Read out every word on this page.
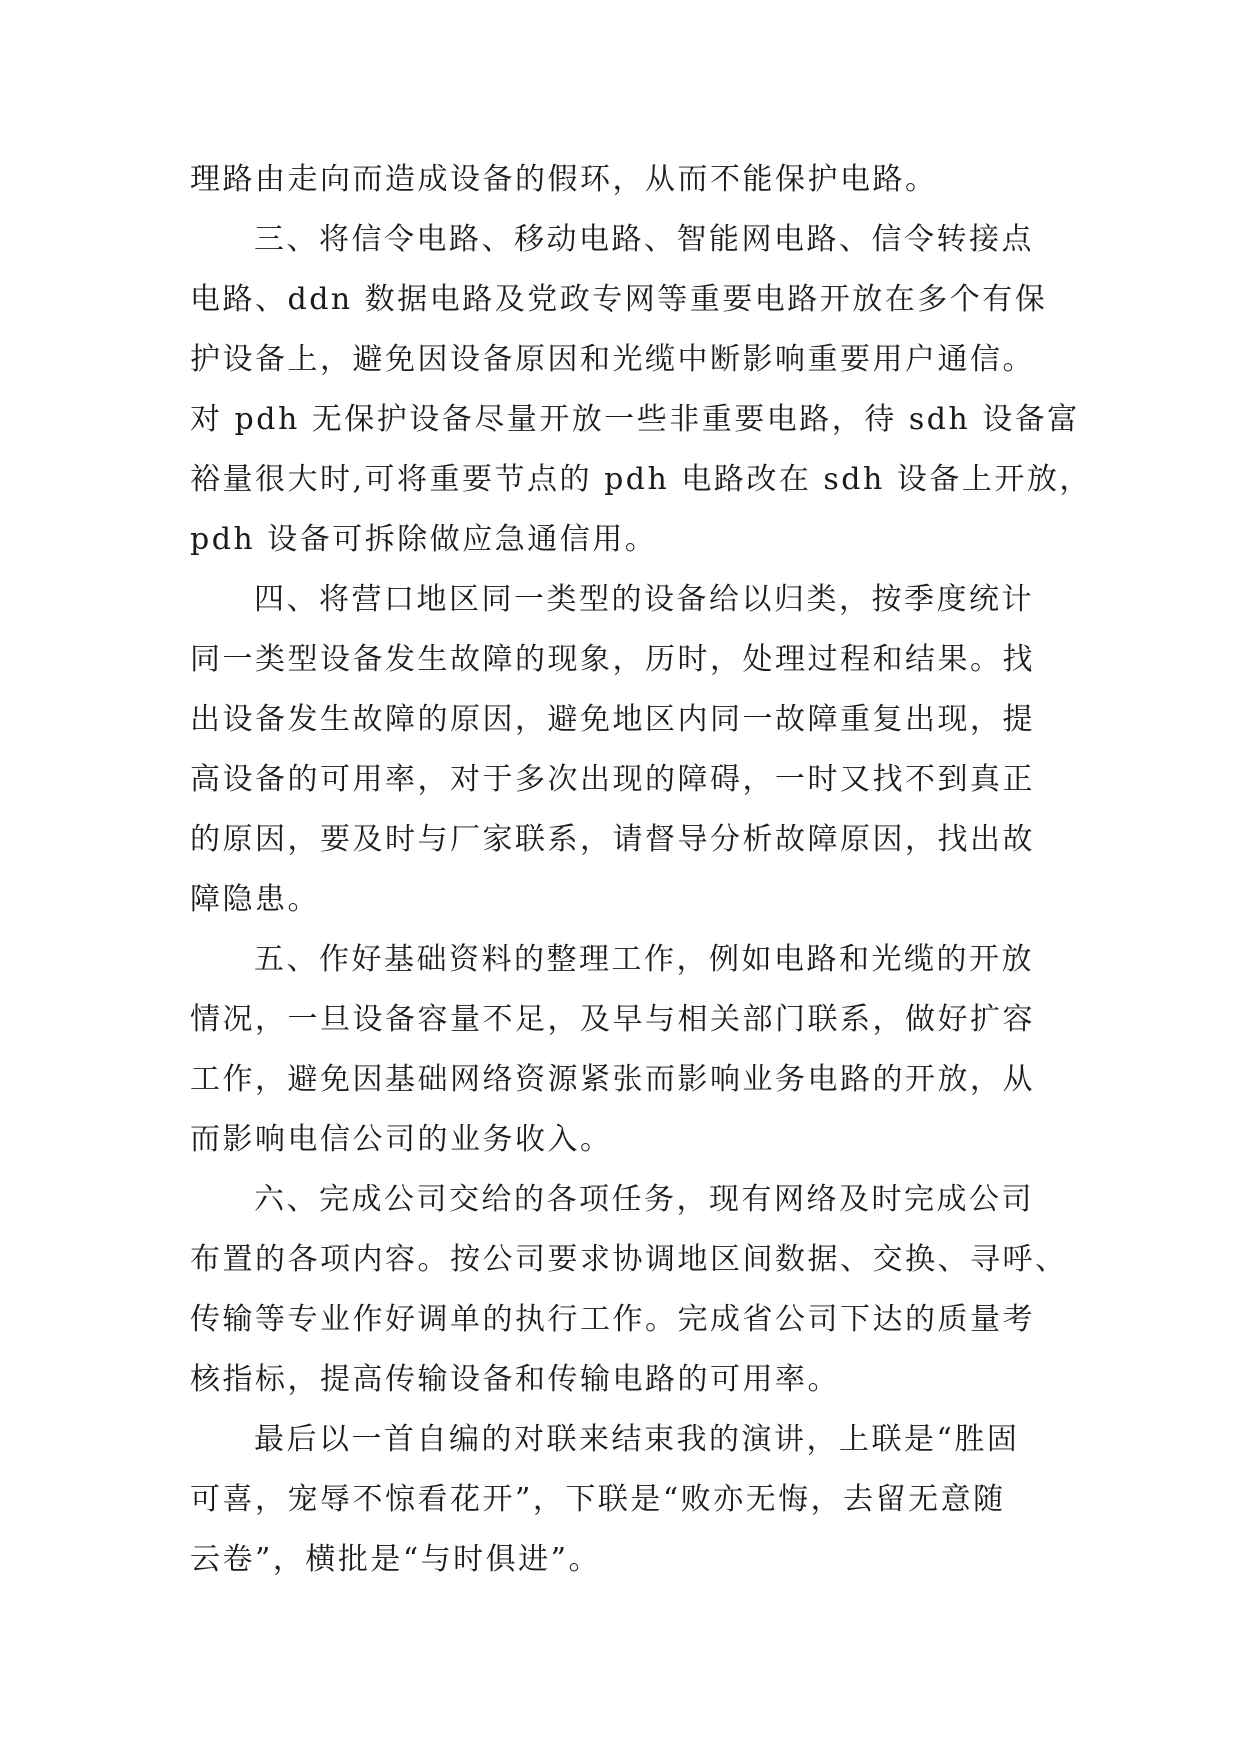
理路由走向而造成设备的假环，从而不能保护电路。
三、将信令电路、移动电路、智能网电路、信令转接点
电路、ddn 数据电路及党政专网等重要电路开放在多个有保
护设备上，避免因设备原因和光缆中断影响重要用户通信。
对 pdh 无保护设备尽量开放一些非重要电路，待 sdh 设备富
裕量很大时,可将重要节点的 pdh 电路改在 sdh 设备上开放，
pdh 设备可拆除做应急通信用。
四、将营口地区同一类型的设备给以归类，按季度统计
同一类型设备发生故障的现象，历时，处理过程和结果。找
出设备发生故障的原因，避免地区内同一故障重复出现，提
高设备的可用率，对于多次出现的障碍，一时又找不到真正
的原因，要及时与厂家联系，请督导分析故障原因，找出故
障隐患。
五、作好基础资料的整理工作，例如电路和光缆的开放
情况，一旦设备容量不足，及早与相关部门联系，做好扩容
工作，避免因基础网络资源紧张而影响业务电路的开放，从
而影响电信公司的业务收入。
六、完成公司交给的各项任务，现有网络及时完成公司
布置的各项内容。按公司要求协调地区间数据、交换、寻呼、
传输等专业作好调单的执行工作。完成省公司下达的质量考
核指标，提高传输设备和传输电路的可用率。
最后以一首自编的对联来结束我的演讲，上联是“胜固
可喜，宠辱不惊看花开”，下联是“败亦无悔，去留无意随
云卷”，横批是“与时俱进”。
